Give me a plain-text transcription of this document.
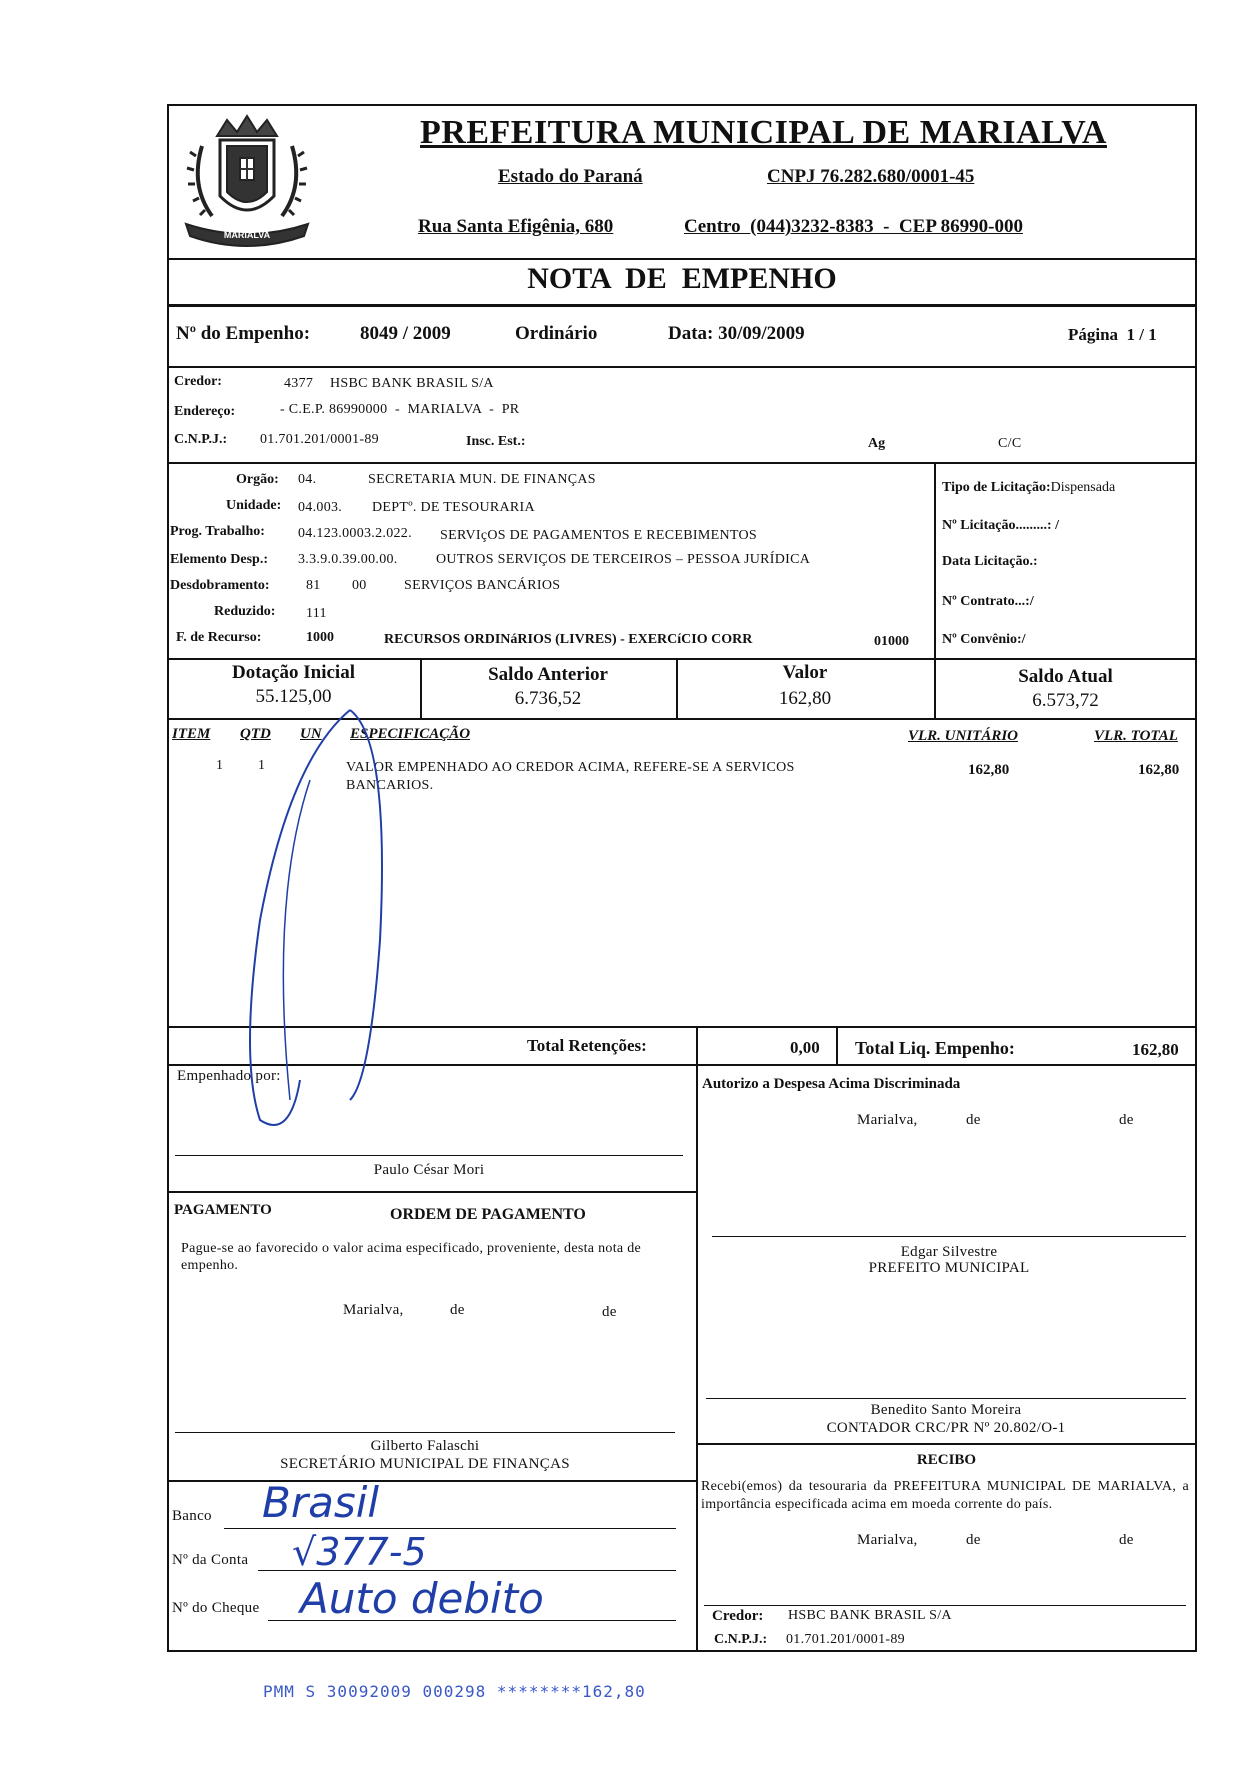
MARIALVA
PREFEITURA MUNICIPAL DE MARIALVA
Estado do Paraná	CNPJ 76.282.680/0001-45
Rua Santa Efigênia, 680	Centro  (044)3232-8383  -  CEP 86990-000
NOTA  DE  EMPENHO
Nº do Empenho:	8049 / 2009	Ordinário	Data: 30/09/2009	Página  1 / 1
Credor:	4377 HSBC BANK BRASIL S/A
Endereço:	- C.E.P. 86990000  -  MARIALVA  -  PR
C.N.P.J.: 01.701.201/0001-89	Insc. Est.:	Ag	C/C
Orgão: 04.	SECRETARIA MUN. DE FINANÇAS
Unidade: 04.003. DEPTº. DE TESOURARIA
Prog. Trabalho: 04.123.0003.2.022. SERVIçOS DE PAGAMENTOS E RECEBIMENTOS
Elemento Desp.: 3.3.9.0.39.00.00.	OUTROS SERVIÇOS DE TERCEIROS – PESSOA JURÍDICA
Desdobramento:	81 00	SERVIÇOS BANCÁRIOS
Reduzido: 111
F. de Recurso:	1000	RECURSOS ORDINáRIOS (LIVRES) - EXERCíCIO CORR	01000
Tipo de Licitação:Dispensada
Nº Licitação.........: /
Data Licitação.:
Nº Contrato...:/
Nº Convênio:/
Dotação Inicial
55.125,00
Saldo Anterior
6.736,52
Valor
162,80
Saldo Atual
6.573,72
ITEM QTD UN ESPECIFICAÇÃO	VLR. UNITÁRIO	VLR. TOTAL
1 1	VALOR EMPENHADO AO CREDOR ACIMA, REFERE-SE A SERVICOS
BANCARIOS.
162,80	162,80
Total Retenções:	0,00 Total Liq. Empenho:	162,80
Empenhado por:
Paulo César Mori
PAGAMENTO	ORDEM DE PAGAMENTO
Pague-se ao favorecido o valor acima especificado, proveniente, desta nota de empenho.
Marialva,	de	de
Gilberto Falaschi
SECRETÁRIO MUNICIPAL DE FINANÇAS
Banco Brasil
Nº da Conta √377-5
Nº do Cheque Auto debito
Autorizo a Despesa Acima Discriminada
Marialva,	de	de
Edgar Silvestre
PREFEITO MUNICIPAL
Benedito Santo Moreira
CONTADOR CRC/PR Nº 20.802/O-1
RECIBO
Recebi(emos) da tesouraria da PREFEITURA MUNICIPAL DE MARIALVA, a importância especificada acima em moeda corrente do país.
Marialva,	de	de
Credor: HSBC BANK BRASIL S/A
C.N.P.J.: 01.701.201/0001-89
PMM S 30092009 000298 ********162,80
